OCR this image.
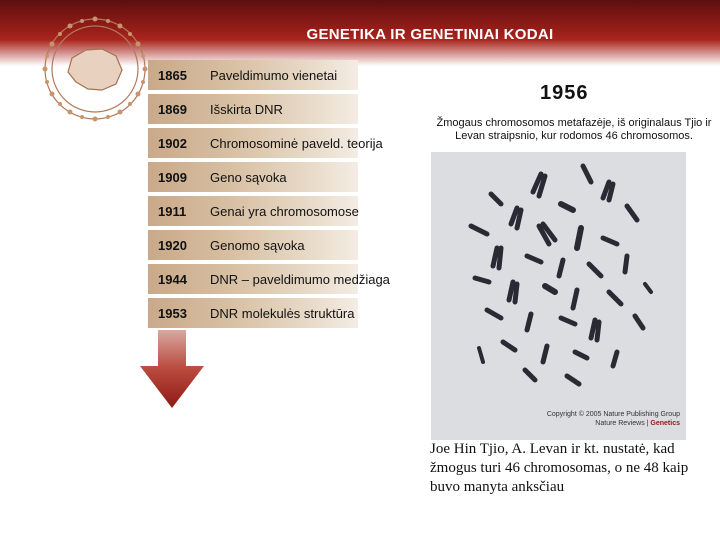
GENETIKA IR GENETINIAI KODAI
1865 Paveldimumo vienetai
1869 Išskirta DNR
1902 Chromosominė paveld. teorija
1909 Geno sąvoka
1911 Genai yra chromosomose
1920 Genomo sąvoka
1944 DNR – paveldimumo medžiaga
1953 DNR molekulės struktūra
1956
Žmogaus chromosomos metafazėje, iš originalaus Tjio ir Levan straipsnio, kur rodomos 46 chromosomos.
Copyright © 2005 Nature Publishing Group
Nature Reviews | Genetics
Joe Hin Tjio, A. Levan ir kt. nustatė, kad žmogus turi 46 chromosomas, o ne 48 kaip buvo manyta anksčiau
